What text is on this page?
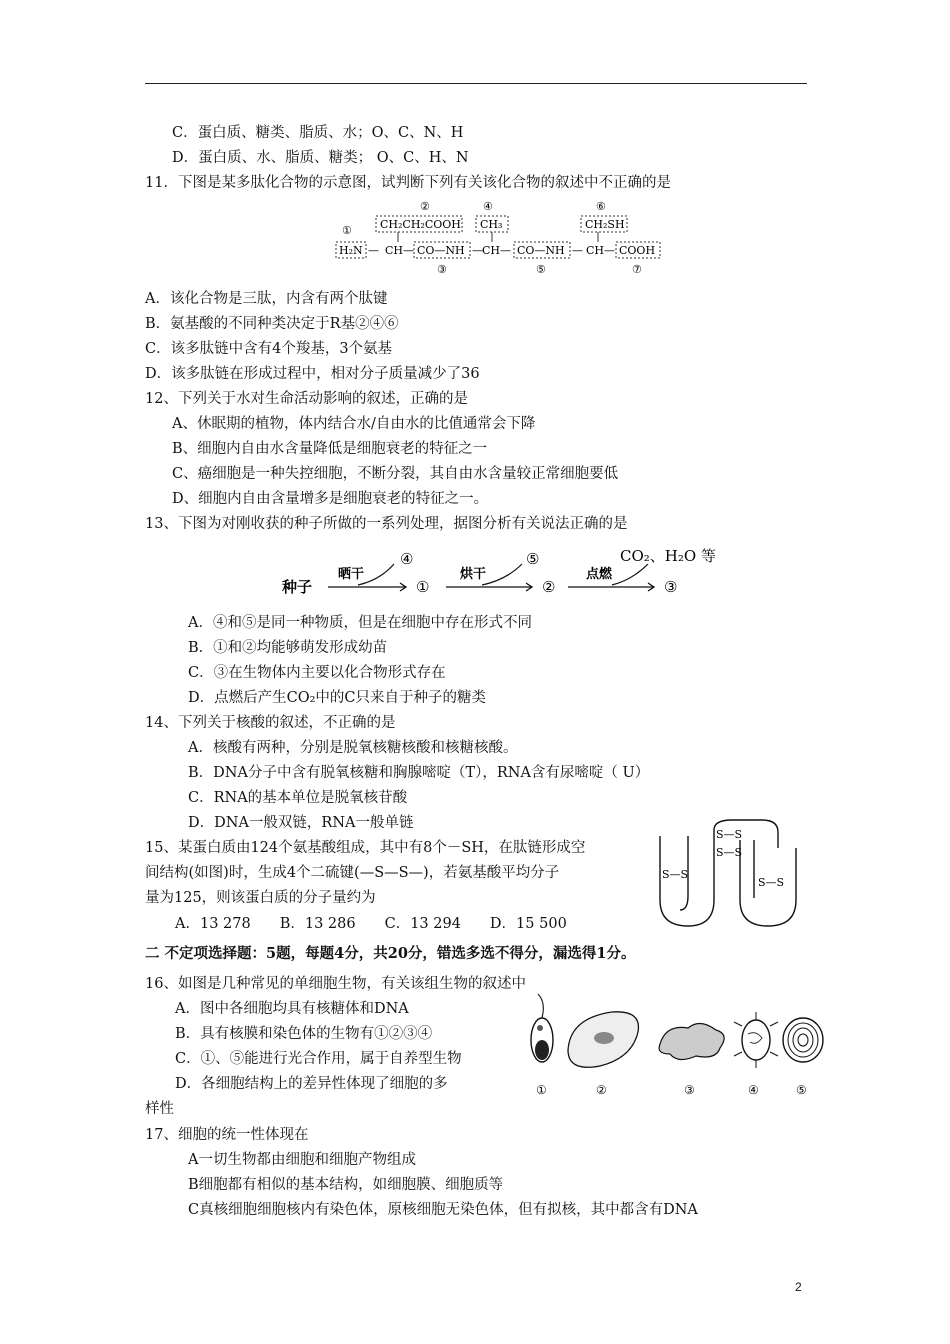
C．蛋白质、糖类、脂质、水；O、C、N、H
D．蛋白质、水、脂质、糖类； O、C、H、N
11．下图是某多肽化合物的示意图，试判断下列有关该化合物的叙述中不正确的是
②	④	⑥
①	CH₂CH₂COOH CH₃	CH₂SH
H₂N — CH — CO—NH — CH — CO—NH — CH — COOH
③	⑤	⑦
A．该化合物是三肽，内含有两个肽键
B．氨基酸的不同种类决定于R基②④⑥
C．该多肽链中含有4个羧基，3个氨基
D．该多肽链在形成过程中，相对分子质量减少了36
12、下列关于水对生命活动影响的叙述，正确的是
A、休眠期的植物，体内结合水/自由水的比值通常会下降
B、细胞内自由水含量降低是细胞衰老的特征之一
C、癌细胞是一种失控细胞，不断分裂，其自由水含量较正常细胞要低
D、细胞内自由含量增多是细胞衰老的特征之一。
13、下图为对刚收获的种子所做的一系列处理，据图分析有关说法正确的是
种子
晒干
④
①
烘干
⑤
②
点燃
CO₂、H₂O 等
③
A．④和⑤是同一种物质，但是在细胞中存在形式不同
B．①和②均能够萌发形成幼苗
C．③在生物体内主要以化合物形式存在
D．点燃后产生CO₂中的C只来自于种子的糖类
14、下列关于核酸的叙述，不正确的是
A．核酸有两种，分别是脱氧核糖核酸和核糖核酸。
B．DNA分子中含有脱氧核糖和胸腺嘧啶（T），RNA含有尿嘧啶（ U）
C．RNA的基本单位是脱氧核苷酸
D．DNA一般双链，RNA一般单链
15、某蛋白质由124个氨基酸组成，其中有8个－SH，在肽链形成空
间结构(如图)时，生成4个二硫键(—S—S—)，若氨基酸平均分子
量为125，则该蛋白质的分子量约为
A．13 278　　B．13 286　　C．13 294　　D．15 500
S—S
S—S
S—S
S—S
二 不定项选择题：5题，每题4分，共20分，错选多选不得分，漏选得1分。
16、如图是几种常见的单细胞生物，有关该组生物的叙述中
A．图中各细胞均具有核糖体和DNA
B．具有核膜和染色体的生物有①②③④
C．①、⑤能进行光合作用，属于自养型生物
D．各细胞结构上的差异性体现了细胞的多
样性
①	②	③	④	⑤
17、细胞的统一性体现在
A一切生物都由细胞和细胞产物组成
B细胞都有相似的基本结构，如细胞膜、细胞质等
C真核细胞细胞核内有染色体，原核细胞无染色体，但有拟核，其中都含有DNA
2
